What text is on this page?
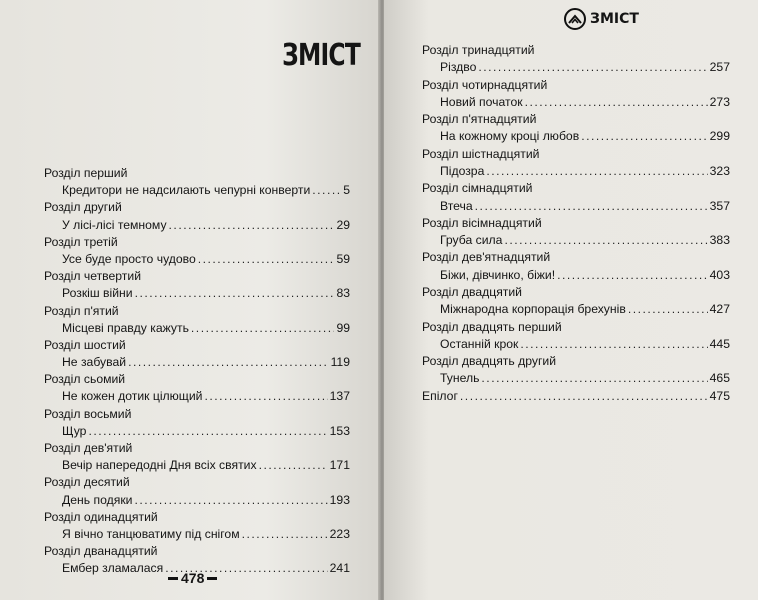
ЗМІСТ
Розділ перший
Кредитори не надсилають чепурні конверти .....	5
Розділ другий
У лісі-лісі темному .....	29
Розділ третій
Усе буде просто чудово .....	59
Розділ четвертий
Розкіш війни .....	83
Розділ п'ятий
Місцеві правду кажуть .....	99
Розділ шостий
Не забувай .....	119
Розділ сьомий
Не кожен дотик цілющий .....	137
Розділ восьмий
Щур .....	153
Розділ дев'ятий
Вечір напередодні Дня всіх святих .....	171
Розділ десятий
День подяки .....	193
Розділ одинадцятий
Я вічно танцюватиму під снігом .....	223
Розділ дванадцятий
Ембер зламалася .....	241
478
ЗМІСТ
Розділ тринадцятий
Різдво .....	257
Розділ чотирнадцятий
Новий початок .....	273
Розділ п'ятнадцятий
На кожному кроці любов .....	299
Розділ шістнадцятий
Підозра .....	323
Розділ сімнадцятий
Втеча .....	357
Розділ вісімнадцятий
Груба сила .....	383
Розділ дев'ятнадцятий
Біжи, дівчинко, біжи! .....	403
Розділ двадцятий
Міжнародна корпорація брехунів .....	427
Розділ двадцять перший
Останній крок .....	445
Розділ двадцять другий
Тунель .....	465
Епілог .....	475
